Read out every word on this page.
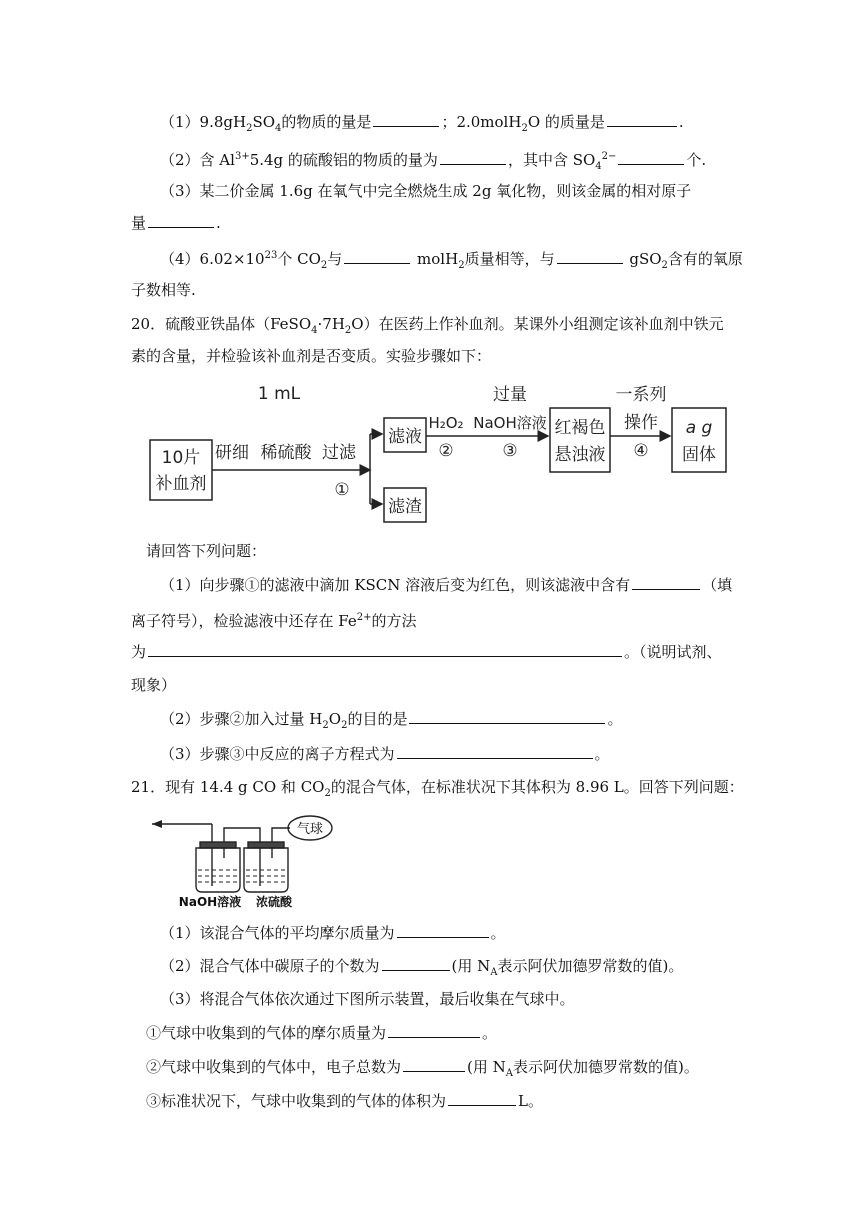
$(1)9.8gH_2SO_4$的物质的量是	；2.0molH$_2$O 的质量是	.
（2）含 $Al^{3+}5.4g$ 的硫酸铝的物质的量为	，其中含 $SO_4^{2-}$	个.
（3）某二价金属 1.6g 在氧气中完全燃烧生成 2g 氧化物，则该金属的相对原子
量	.
$(4)6.02\times 10^{23}$个 $CO_2$与	molH$_2$质量相等，与	gSO$_2$含有的氧原
子数相等.
20．硫酸亚铁晶体$(FeSO_4\cdot 7H_2O)$在医药上作补血剂。某课外小组测定该补血剂中铁元
素的含量，并检验该补血剂是否变质。实验步骤如下：
10片
补血剂
1 mL
研细 稀硫酸 过滤
①
滤液
滤渣
H₂O₂
②
过量
NaOH溶液
③
红褐色
悬浊液
一系列
操作
④
a g
固体
请回答下列问题：
（1）向步骤①的滤液中滴加 KSCN 溶液后变为红色，则该滤液中含有	（填
离子符号），检验滤液中还存在 $Fe^{2+}$的方法
为	。（说明试剂、
现象）
（2）步骤②加入过量 $H_2O_2$的目的是	。
（3）步骤③中反应的离子方程式为	。
21．现有 14.4 g CO 和 $CO_2$的混合气体，在标准状况下其体积为 8.96 L。回答下列问题：
气球
NaOH溶液 浓硫酸
（1）该混合气体的平均摩尔质量为	。
（2）混合气体中碳原子的个数为	(用 $N_A$表示阿伏加德罗常数的值)。
（3）将混合气体依次通过下图所示装置，最后收集在气球中。
①气球中收集到的气体的摩尔质量为	。
②气球中收集到的气体中，电子总数为	(用 $N_A$表示阿伏加德罗常数的值)。
③标准状况下，气球中收集到的气体的体积为	L。
